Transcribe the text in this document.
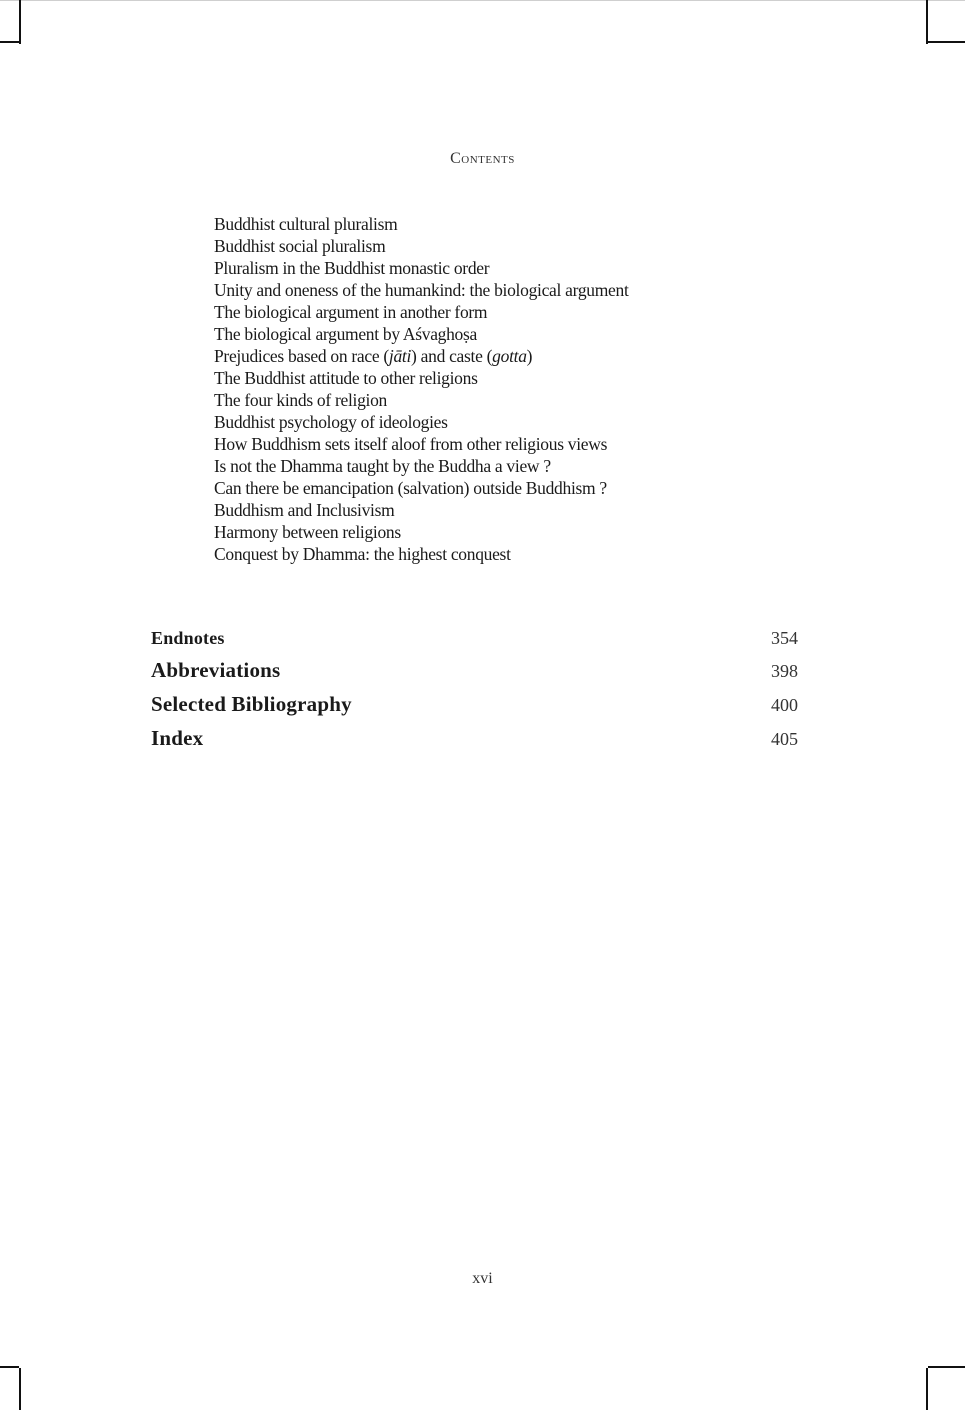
Contents
Buddhist cultural pluralism
Buddhist social pluralism
Pluralism in the Buddhist monastic order
Unity and oneness of the humankind: the biological argument
The biological argument in another form
The biological argument by Aśvaghoṣa
Prejudices based on race (jāti) and caste (gotta)
The Buddhist attitude to other religions
The four kinds of religion
Buddhist psychology of ideologies
How Buddhism sets itself aloof from other religious views
Is not the Dhamma taught by the Buddha a view ?
Can there be emancipation (salvation) outside Buddhism ?
Buddhism and Inclusivism
Harmony between religions
Conquest by Dhamma: the highest conquest
Endnotes	354
Abbreviations	398
Selected Bibliography	400
Index	405
xvi
